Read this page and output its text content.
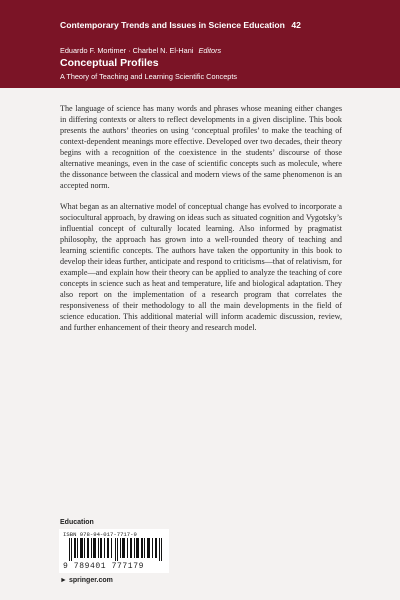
Contemporary Trends and Issues in Science Education 42
Eduardo F. Mortimer · Charbel N. El-Hani Editors
Conceptual Profiles
A Theory of Teaching and Learning Scientific Concepts

The language of science has many words and phrases whose meaning either changes in differing contexts or alters to reflect developments in a given discipline. This book presents the authors’ theories on using ‘conceptual profiles’ to make the teaching of context-dependent meanings more effective. Developed over two decades, their theory begins with a recognition of the coexistence in the students’ discourse of those alternative meanings, even in the case of scientific concepts such as molecule, where the dissonance between the classical and modern views of the same phenomenon is an accepted norm.

What began as an alternative model of conceptual change has evolved to incorporate a sociocultural approach, by drawing on ideas such as situated cognition and Vygotsky’s influential concept of culturally located learning. Also informed by pragmatist philosophy, the approach has grown into a well-rounded theory of teaching and learning scientific concepts. The authors have taken the opportunity in this book to develop their ideas further, anticipate and respond to criticisms—that of relativism, for example—and explain how their theory can be applied to analyze the teaching of core concepts in science such as heat and temperature, life and biological adaptation. They also report on the implementation of a research program that correlates the responsiveness of their methodology to all the main developments in the field of science education. This additional material will inform academic discussion, review, and further enhancement of their theory and research model.

Education
ISBN 978-94-017-7717-9
9 789401 777179
► springer.com
